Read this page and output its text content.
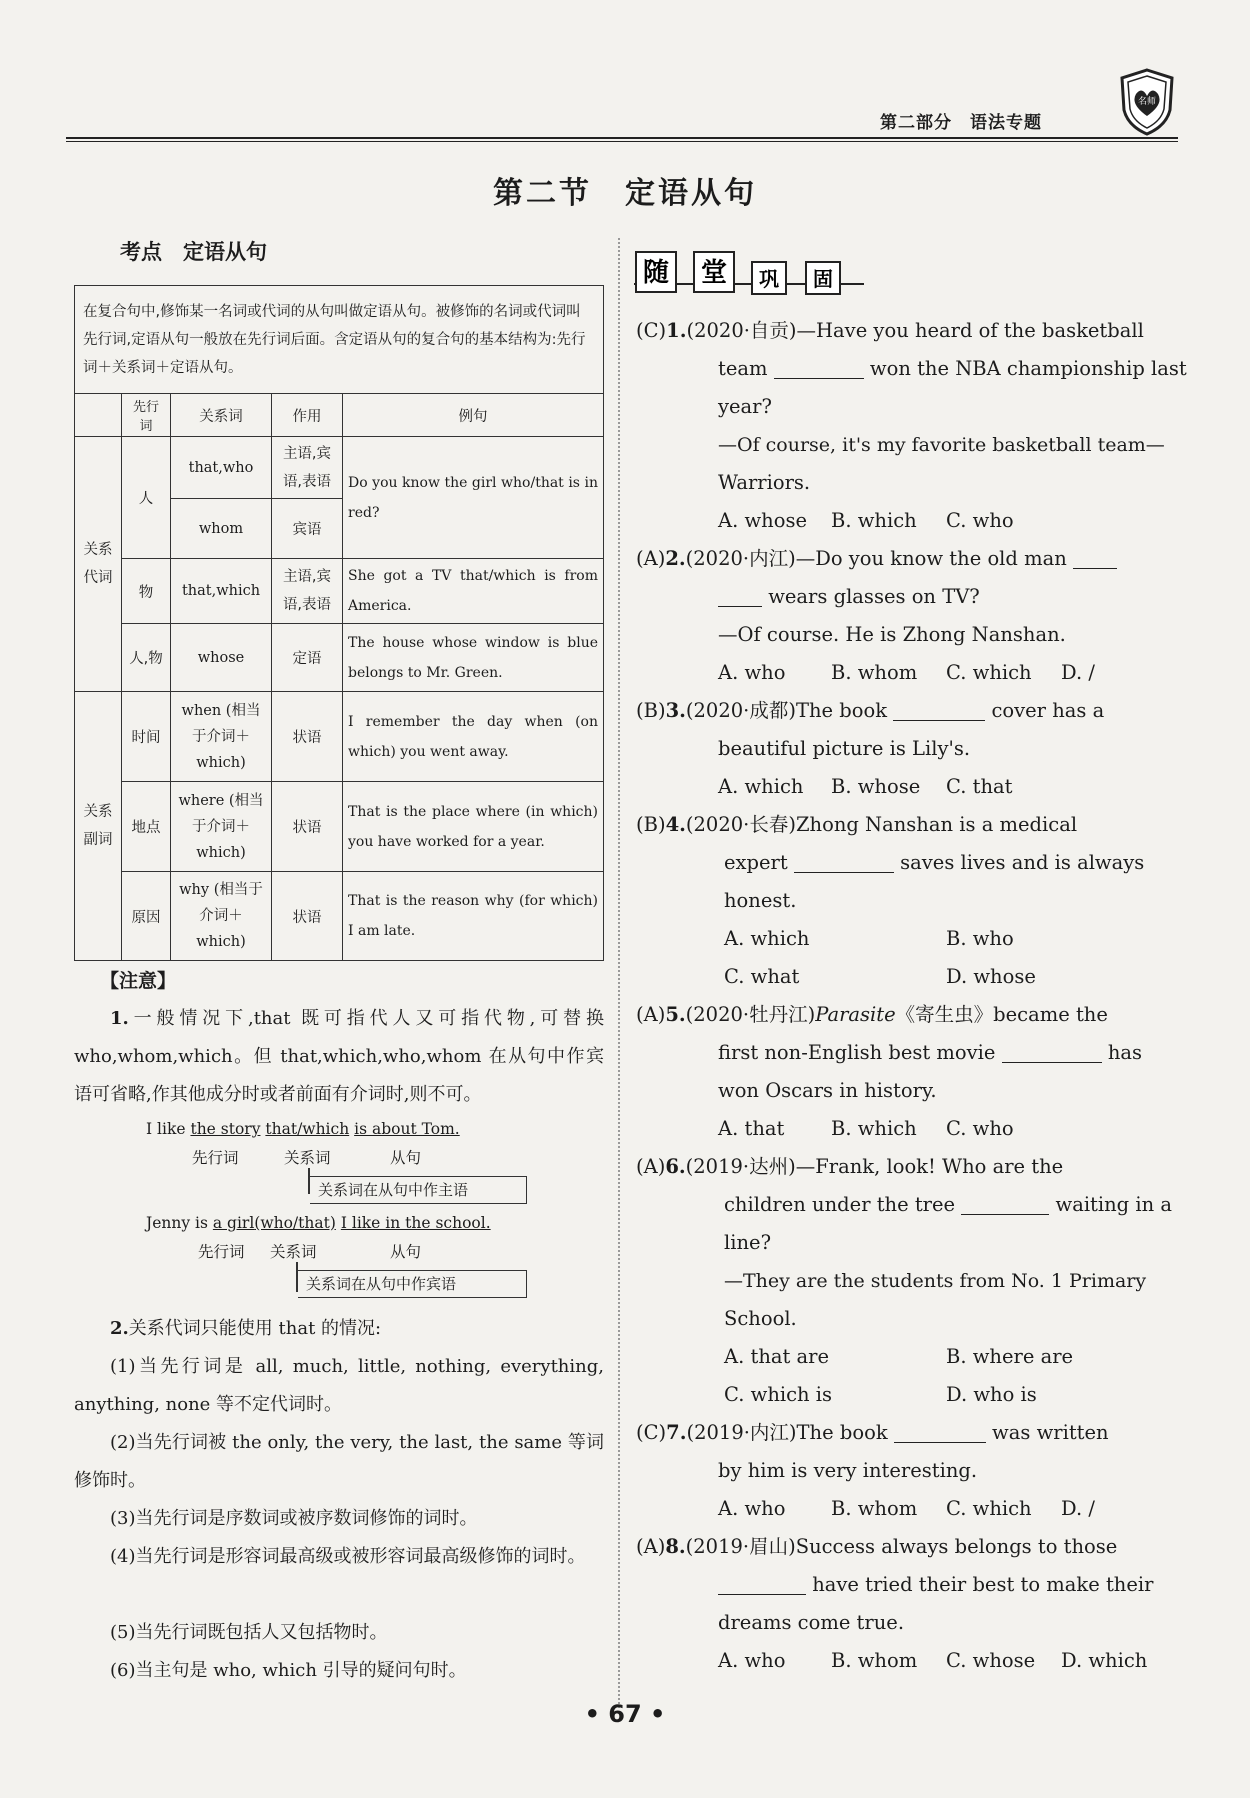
第二部分　语法专题
名师
第二节　定语从句
考点　定语从句
在复合句中,修饰某一名词或代词的从句叫做定语从句。被修饰的名词或代词叫先行词,定语从句一般放在先行词后面。含定语从句的复合句的基本结构为:先行词＋关系词＋定语从句。				
	先行词	关系词	作用	例句
关系代词	人	that,who	主语,宾语,表语	Do you know the girl who/that is in red?
		whom	宾语	
	物	that,which	主语,宾语,表语	She got a TV that/which is from America.
	人,物	whose	定语	The house whose window is blue belongs to Mr. Green.
关系副词	时间	when (相当于介词＋which)	状语	I remember the day when (on which) you went away.
	地点	where (相当于介词＋which)	状语	That is the place where (in which) you have worked for a year.
	原因	why (相当于介词＋which)	状语	That is the reason why (for which) I am late.
【注意】
1.一般情况下,that 既可指代人又可指代物,可替换 who,whom,which。但 that,which,who,whom 在从句中作宾语可省略,作其他成分时或者前面有介词时,则不可。
I like the story that/which is about Tom.
先行词	关系词	从句
关系词在从句中作主语
Jenny is a girl(who/that) I like in the school.
先行词 关系词	从句
关系词在从句中作宾语
2.关系代词只能使用 that 的情况:
(1)当先行词是 all, much, little, nothing, everything, anything, none 等不定代词时。
(2)当先行词被 the only, the very, the last, the same 等词修饰时。
(3)当先行词是序数词或被序数词修饰的词时。
(4)当先行词是形容词最高级或被形容词最高级修饰的词时。
(5)当先行词既包括人又包括物时。
(6)当主句是 who, which 引导的疑问句时。
随 堂 巩 固
(C)1.(2020·自贡)—Have you heard of the basketball
team	won the NBA championship last
year?
—Of course, it's my favorite basketball team—
Warriors.
A. whose B. which C. who
(A)2.(2020·内江)—Do you know the old man
wears glasses on TV?
—Of course. He is Zhong Nanshan.
A. who B. whom C. which D. /
(B)3.(2020·成都)The book	cover has a
beautiful picture is Lily's.
A. which B. whose C. that
(B)4.(2020·长春)Zhong Nanshan is a medical
expert	saves lives and is always
honest.
A. which	B. who
C. what	D. whose
(A)5.(2020·牡丹江)Parasite《寄生虫》became the
first non-English best movie	has
won Oscars in history.
A. that B. which C. who
(A)6.(2019·达州)—Frank, look! Who are the
children under the tree	waiting in a
line?
—They are the students from No. 1 Primary
School.
A. that are	B. where are
C. which is	D. who is
(C)7.(2019·内江)The book	was written
by him is very interesting.
A. who B. whom C. which D. /
(A)8.(2019·眉山)Success always belongs to those
have tried their best to make their
dreams come true.
A. who B. whom C. whose D. which
• 67 •
